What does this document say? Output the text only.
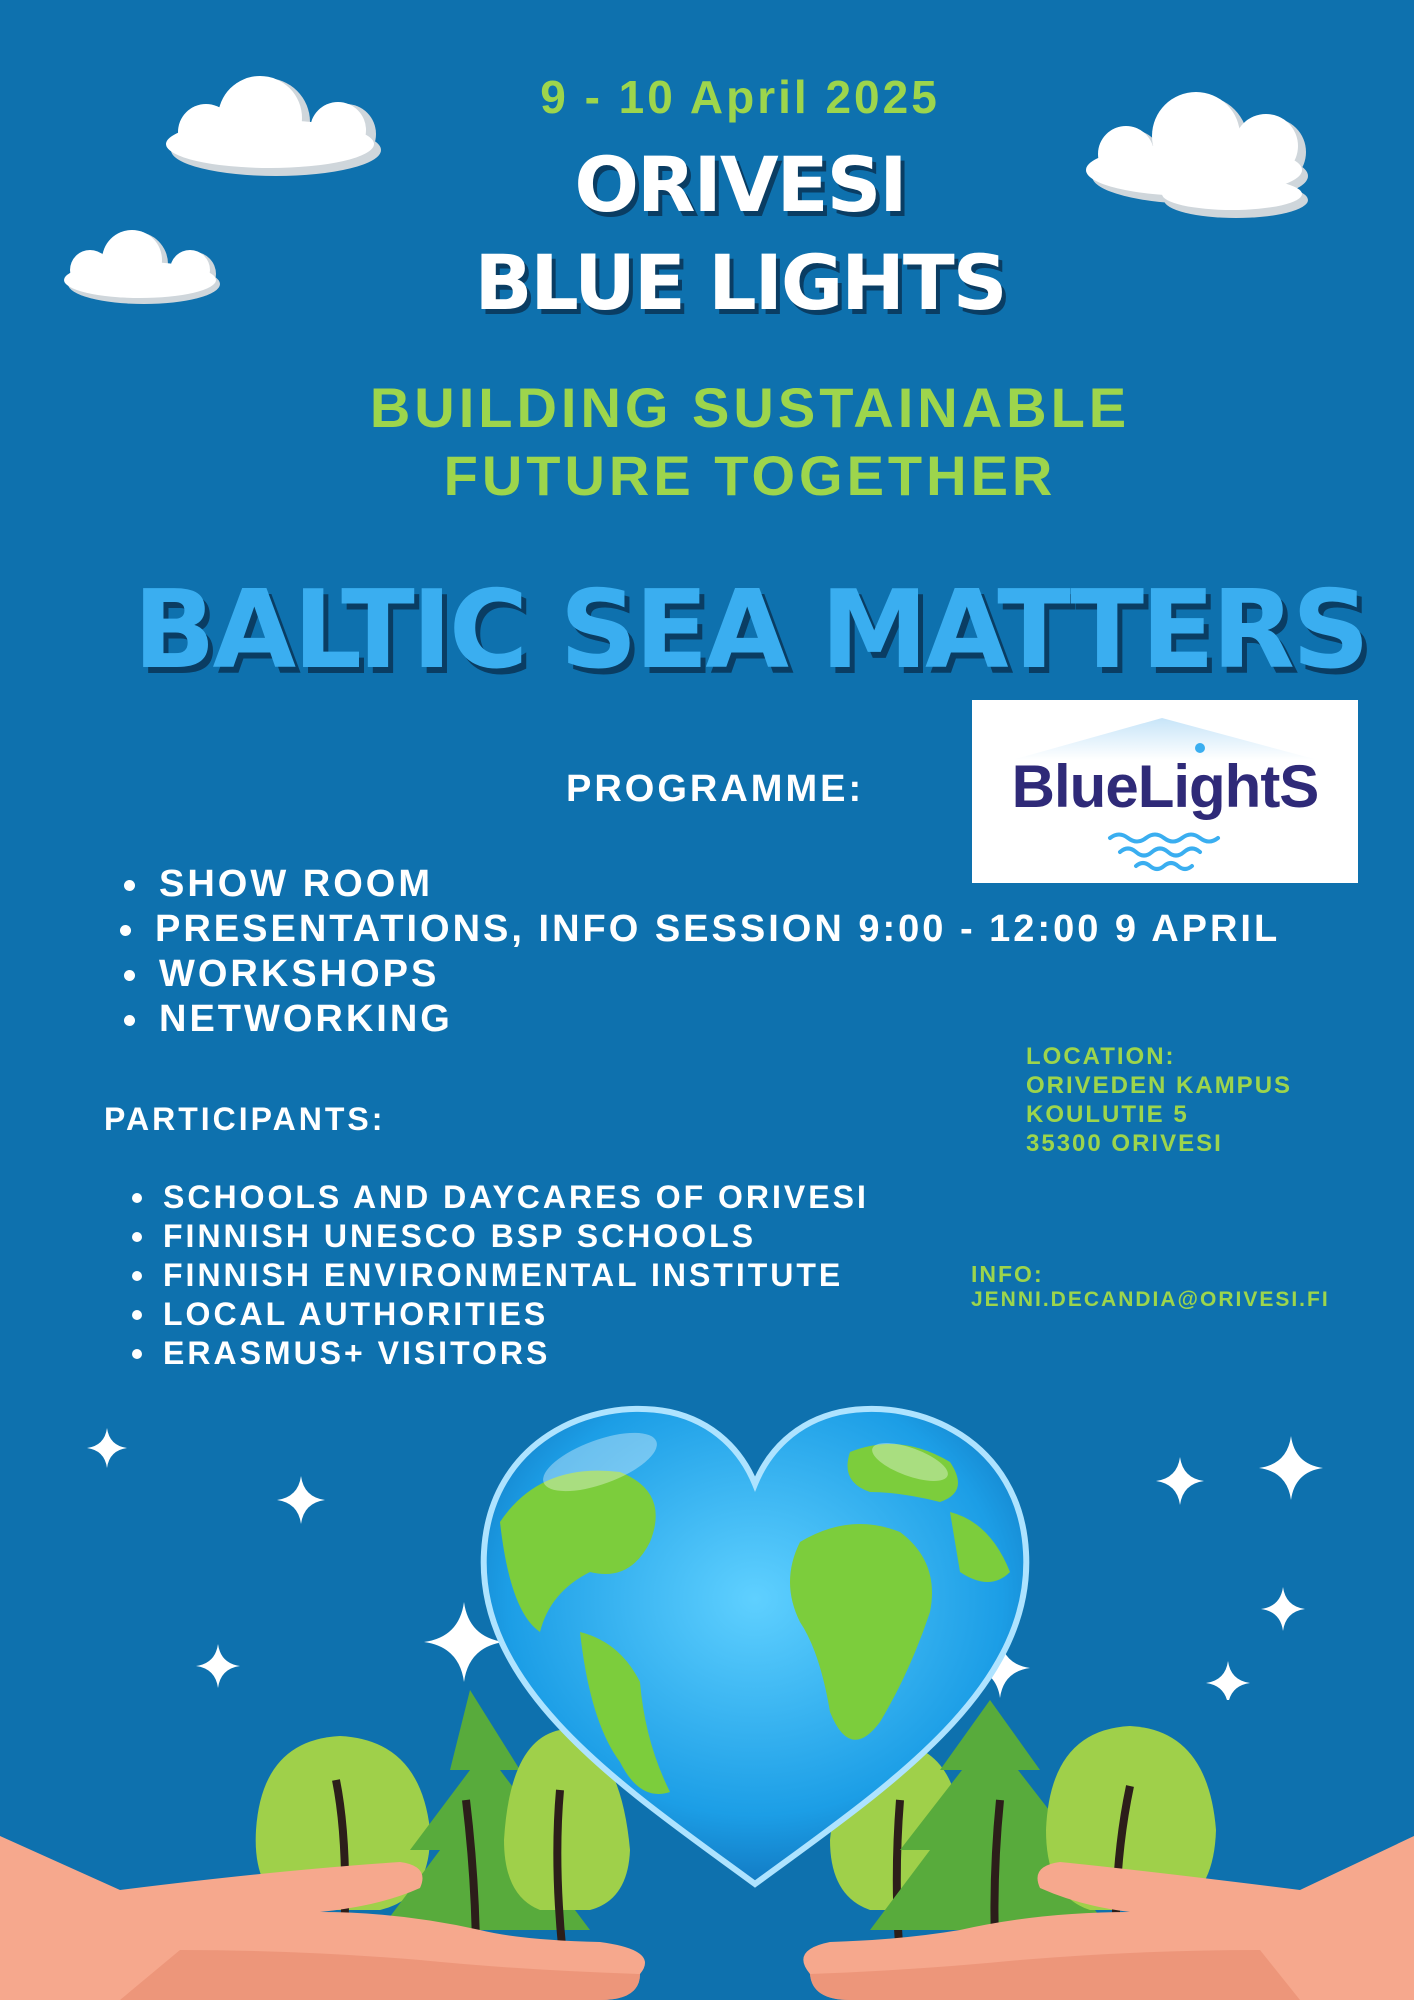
9 - 10 April 2025
ORIVESI
BLUE LIGHTS
BUILDING SUSTAINABLE
FUTURE TOGETHER
BALTIC SEA MATTERS
BlueLightS
PROGRAMME:
SHOW ROOM
PRESENTATIONS, INFO SESSION 9:00 - 12:00 9 APRIL
WORKSHOPS
NETWORKING
PARTICIPANTS:
SCHOOLS AND DAYCARES OF ORIVESI
FINNISH UNESCO BSP SCHOOLS
FINNISH ENVIRONMENTAL INSTITUTE
LOCAL AUTHORITIES
ERASMUS+ VISITORS
LOCATION:
ORIVEDEN KAMPUS
KOULUTIE 5
35300 ORIVESI
INFO:
JENNI.DECANDIA@ORIVESI.FI
